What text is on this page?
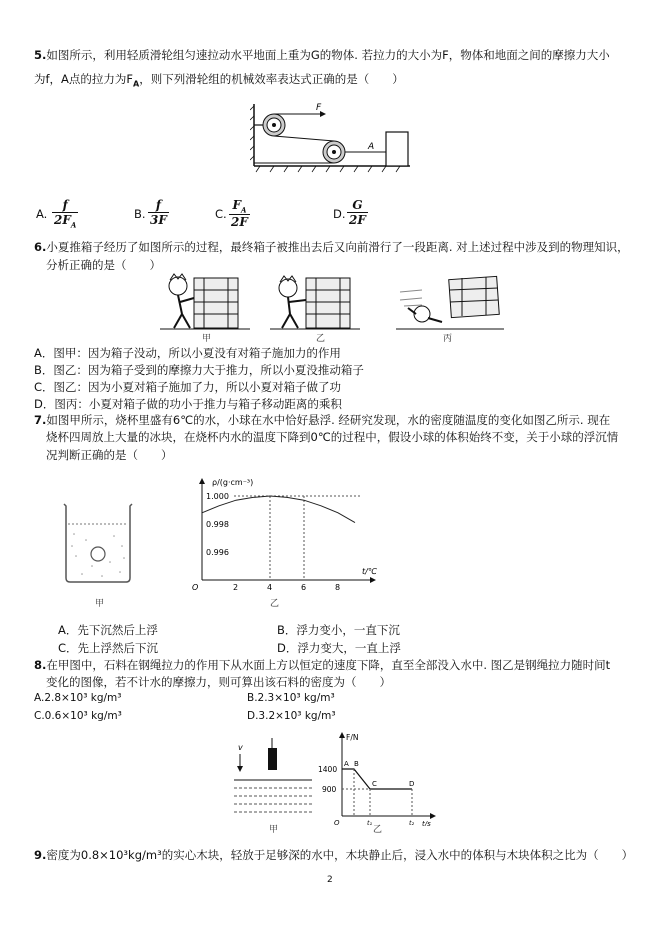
5.如图所示，利用轻质滑轮组匀速拉动水平地面上重为G的物体. 若拉力的大小为F，物体和地面之间的摩擦力大小
为f，A点的拉力为$F_A$，则下列滑轮组的机械效率表达式正确的是（　　）
F
A
A. $\frac{f}{2F_A}$	B. $\frac{f}{3F}$	C. $\frac{F_A}{2F}$	D. $\frac{G}{2F}$
6.小夏推箱子经历了如图所示的过程，最终箱子被推出去后又向前滑行了一段距离. 对上述过程中涉及到的物理知识，
分析正确的是（　　）
甲	乙	丙
A．图甲：因为箱子没动，所以小夏没有对箱子施加力的作用
B．图乙：因为箱子受到的摩擦力大于推力，所以小夏没推动箱子
C．图乙：因为小夏对箱子施加了力，所以小夏对箱子做了功
D．图丙：小夏对箱子做的功小于推力与箱子移动距离的乘积
7.如图甲所示，烧杯里盛有6℃的水，小球在水中恰好悬浮. 经研究发现，水的密度随温度的变化如图乙所示. 现在
烧杯四周放上大量的冰块，在烧杯内水的温度下降到0℃的过程中，假设小球的体积始终不变，关于小球的浮沉情
况判断正确的是（　　）
甲
ρ/(g·cm⁻³)
t/℃
O	2	4	6	8
1.000
0.998
0.996
乙
A．先下沉然后上浮	B．浮力变小，一直下沉
C．先上浮然后下沉	D．浮力变大，一直上浮
8.在甲图中，石料在钢绳拉力的作用下从水面上方以恒定的速度下降，直至全部没入水中. 图乙是钢绳拉力随时间t
变化的图像，若不计水的摩擦力，则可算出该石料的密度为（　　）
A.2.8×10³ kg/m³	B.2.3×10³ kg/m³
C.0.6×10³ kg/m³	D.3.2×10³ kg/m³
v
甲
F/N
t/s
O
1400
900
A B
C	D
t₁	t₂
乙
9.密度为0.8×10³kg/m³的实心木块，轻放于足够深的水中，木块静止后，浸入水中的体积与木块体积之比为（　　）
2
